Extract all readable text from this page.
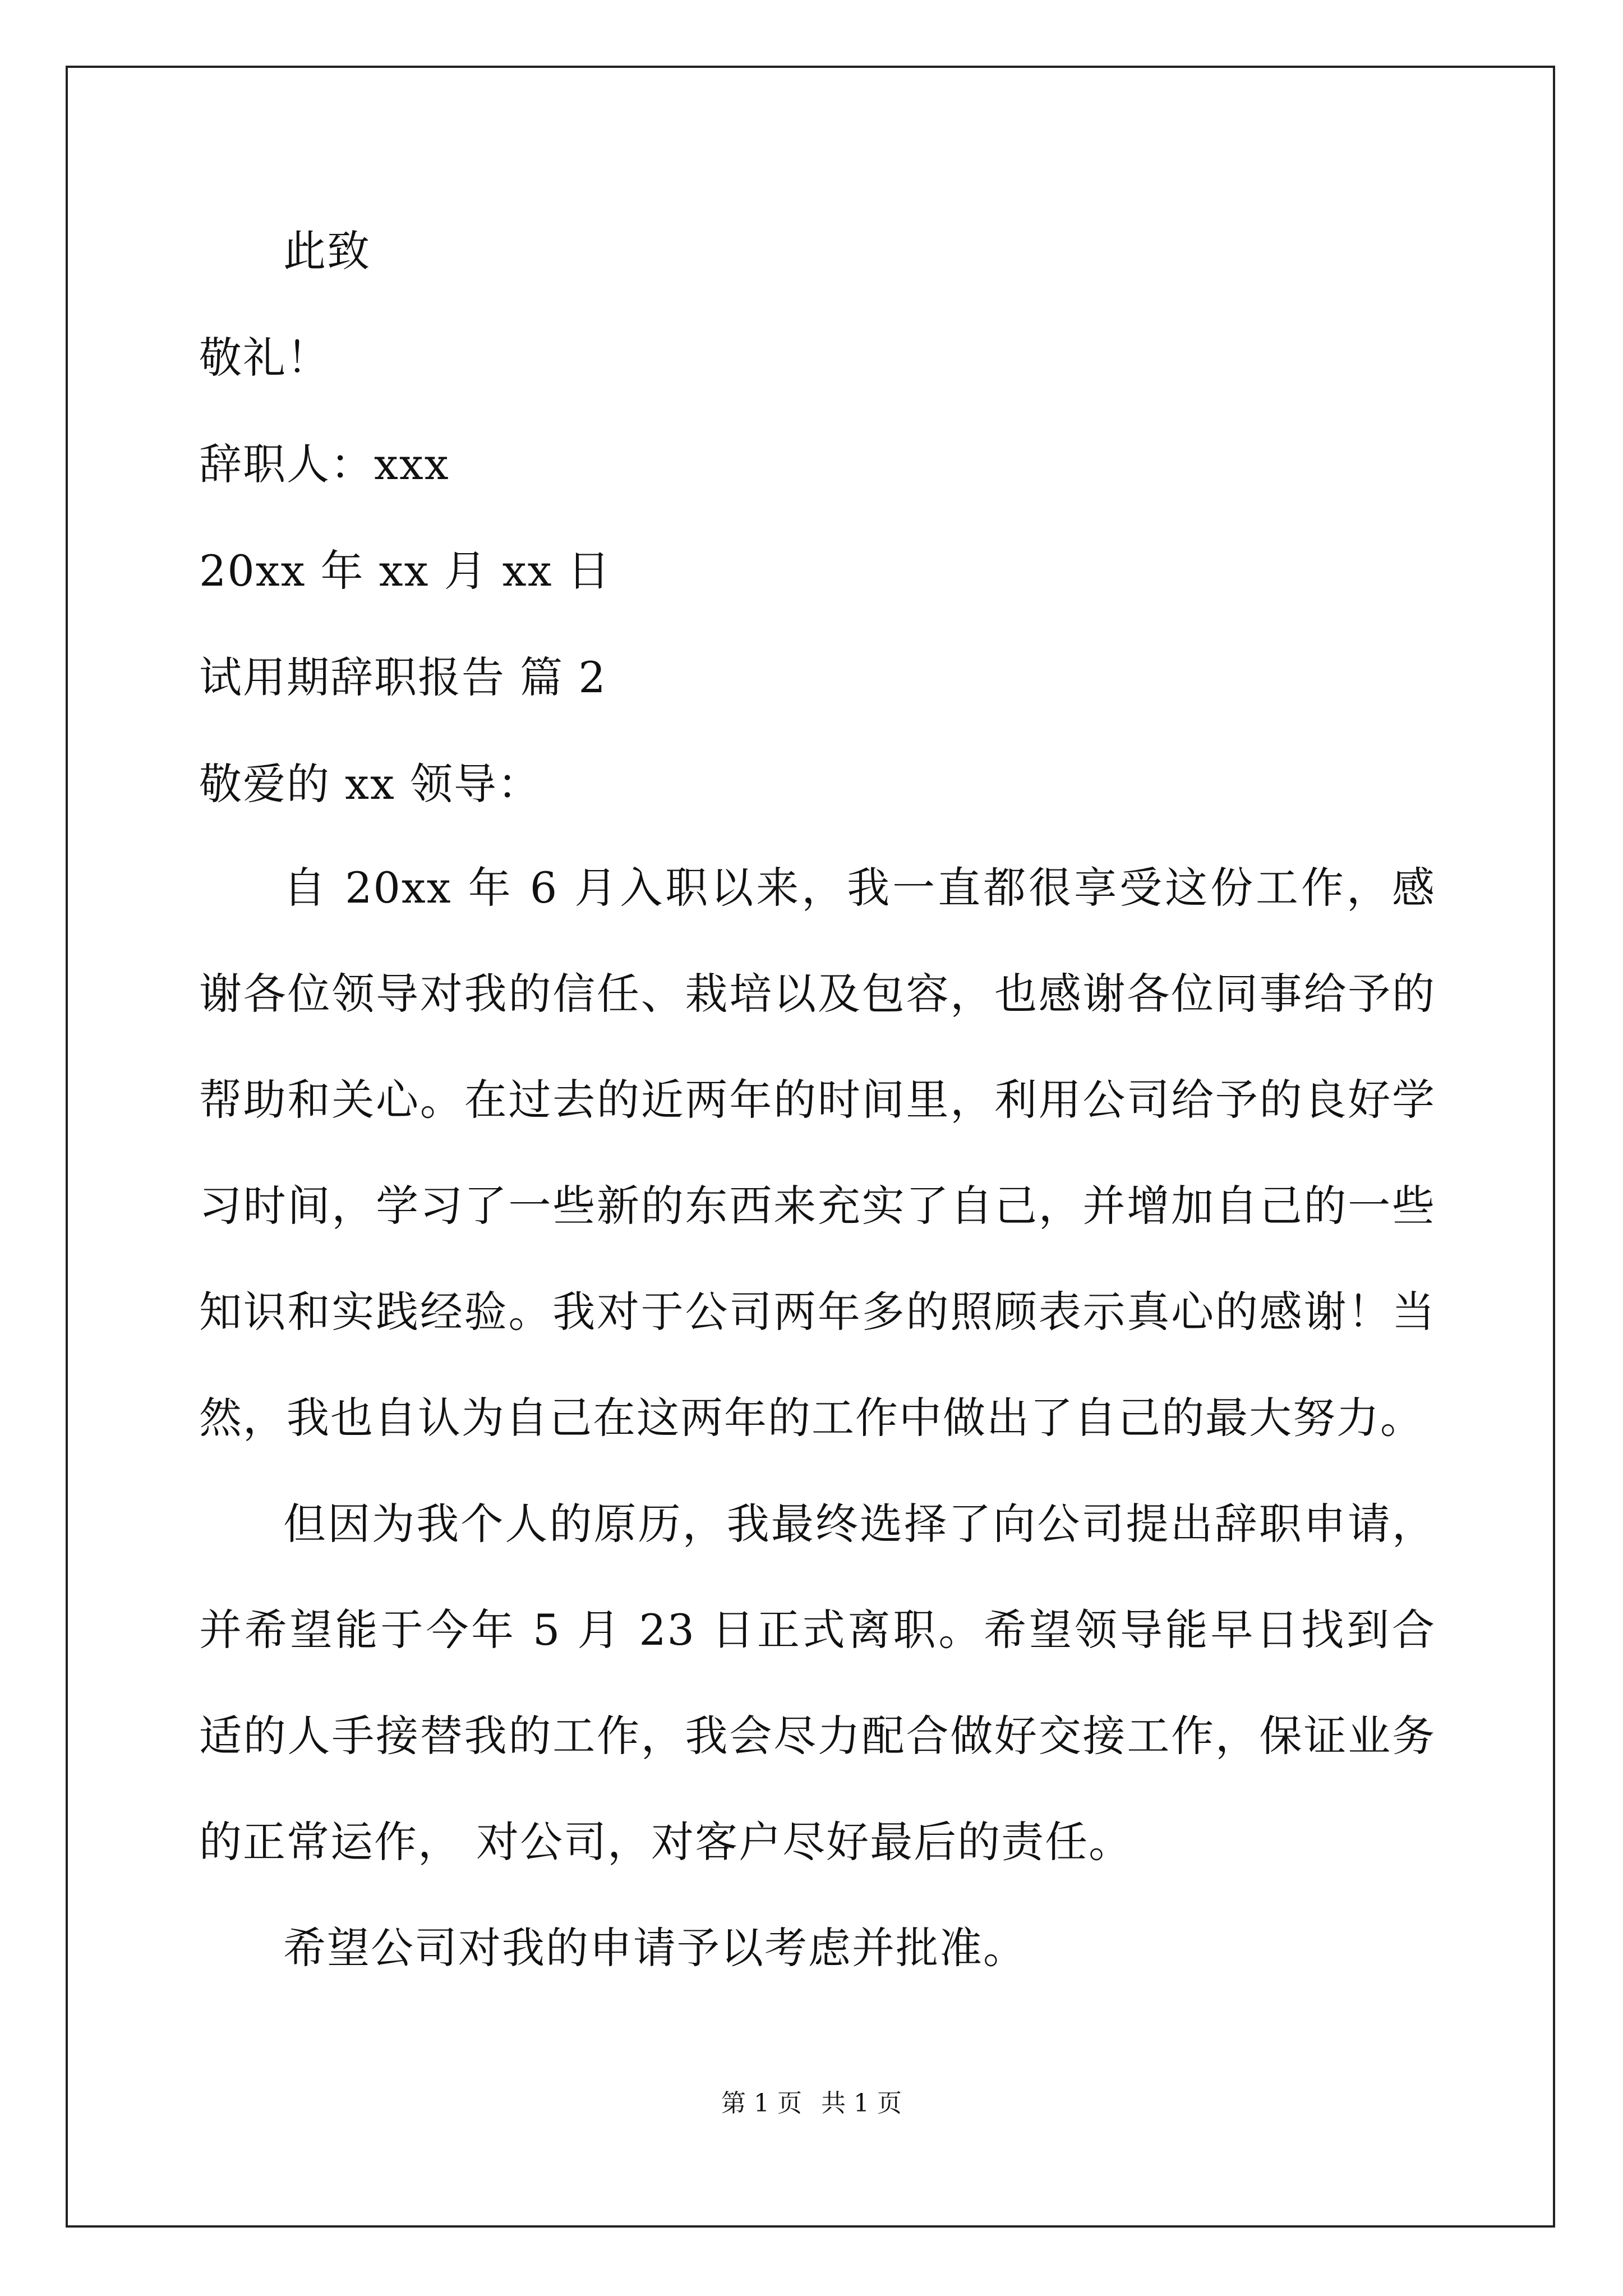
此致
敬礼！
辞职人：xxx
20xx 年 xx 月 xx 日
试用期辞职报告 篇 2
敬爱的 xx 领导：

自 20xx 年 6 月入职以来，我一直都很享受这份工作，感谢各位领导对我的信任、栽培以及包容，也感谢各位同事给予的帮助和关心。在过去的近两年的时间里，利用公司给予的良好学习时间，学习了一些新的东西来充实了自己，并增加自己的一些知识和实践经验。我对于公司两年多的照顾表示真心的感谢！当然，我也自认为自己在这两年的工作中做出了自己的最大努力。

但因为我个人的原历，我最终选择了向公司提出辞职申请，并希望能于今年 5 月 23 日正式离职。希望领导能早日找到合适的人手接替我的工作，我会尽力配合做好交接工作，保证业务的正常运作， 对公司，对客户尽好最后的责任。

希望公司对我的申请予以考虑并批准。

第 1 页 共 1 页
